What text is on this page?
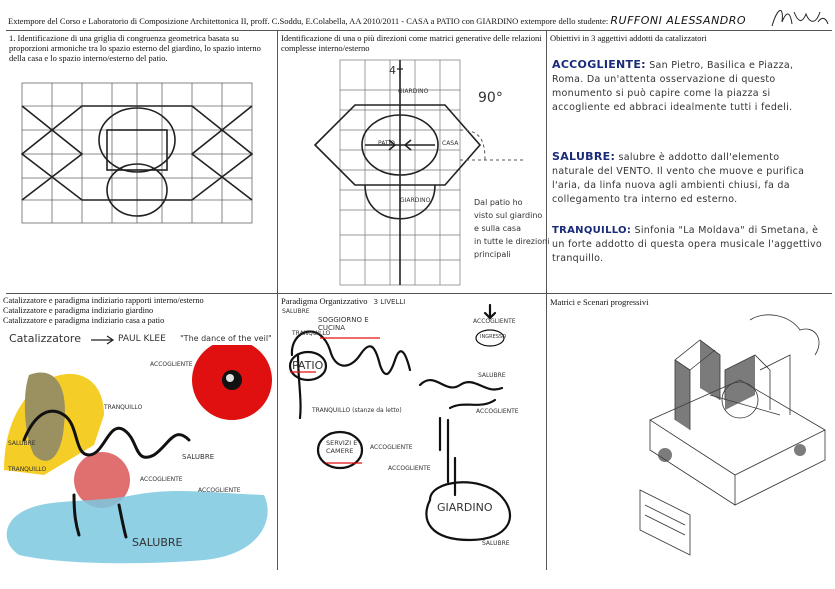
Extempore del Corso e Laboratorio di Composizione Architettonica II, proff. C.Soddu, E.Colabella, AA 2010/2011 - CASA a PATIO con GIARDINO extempore dello studente: RUFFONI ALESSANDRO
1. Identificazione di una griglia di congruenza geometrica basata su proporzioni armoniche tra lo spazio esterno del giardino, lo spazio interno della casa e lo spazio interno/esterno del patio.
Identificazione di una o più direzioni come matrici generative delle relazioni complesse interno/esterno
GIARDINO
PATIO	CASA
GIARDINO
90°
4
Dal patio ho
visto sul giardino
e sulla casa
in tutte le direzioni
principali
Obiettivi in 3 aggettivi addotti da catalizzatori
ACCOGLIENTE: San Pietro, Basilica e Piazza, Roma. Da un'attenta osservazione di questo monumento si può capire come la piazza si accogliente ed abbraci idealmente tutti i fedeli.
SALUBRE: salubre è addotto dall'elemento naturale del VENTO. Il vento che muove e purifica l'aria, da linfa nuova agli ambienti chiusi, fa da collegamento tra interno ed esterno.
TRANQUILLO: Sinfonia "La Moldava" di Smetana, è un forte addotto di questa opera musicale l'aggettivo tranquillo.
Catalizzatore e paradigma indiziario rapporti interno/esterno
Catalizzatore e paradigma indiziario giardino
Catalizzatore e paradigma indiziario casa a patio
Catalizzatore	PAUL KLEE "The dance of the veil"
ACCOGLIENTE
TRANQUILLO
SALUBRE
TRANQUILLO
SALUBRE
ACCOGLIENTE
ACCOGLIENTE
SALUBRE
Paradigma Organizzativo 3 LIVELLI
SALUBRE
TRANQUILLO
SOGGIORNO E CUCINA
ACCOGLIENTE
INGRESSO
PATIO
SALUBRE
TRANQUILLO (stanze da letto)	ACCOGLIENTE
SERVIZI E CAMERE	ACCOGLIENTE
ACCOGLIENTE
GIARDINO
SALUBRE
Matrici e Scenari progressivi
